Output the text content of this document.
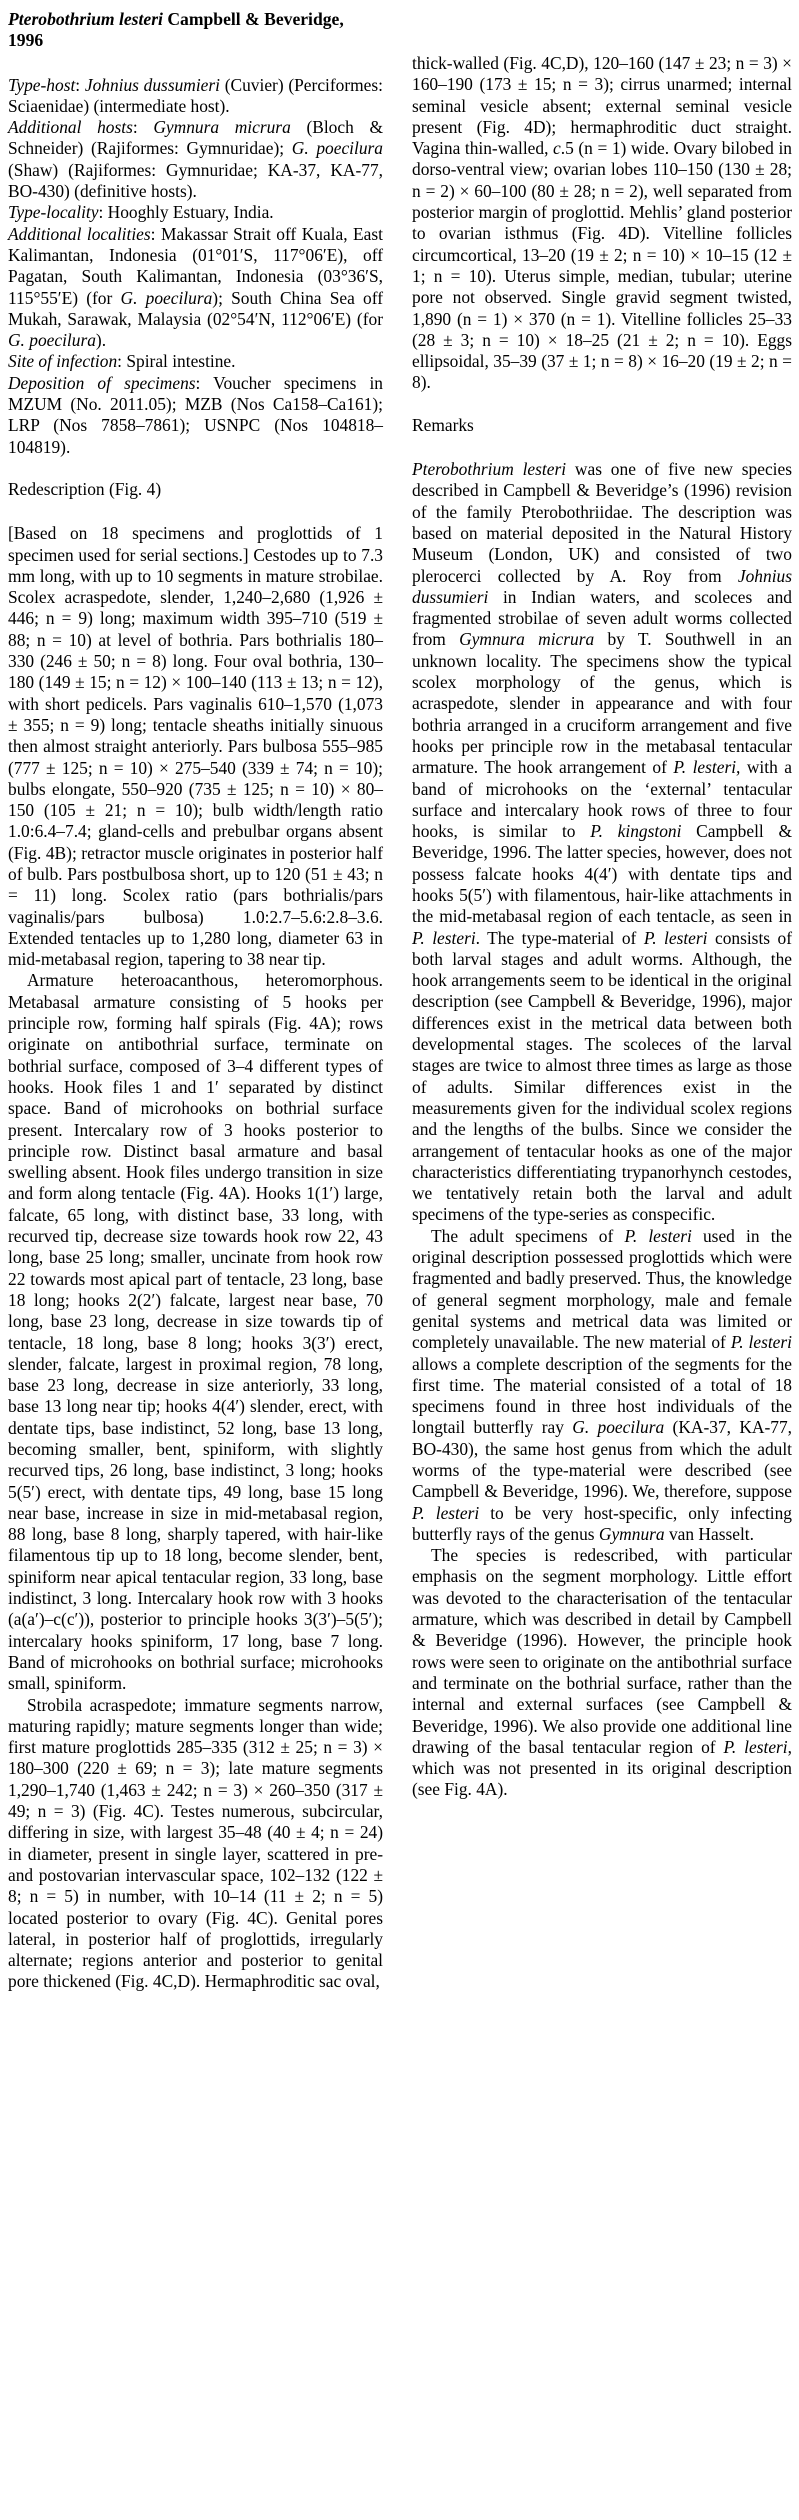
Pterobothrium lesteri Campbell & Beveridge, 1996

Type-host: Johnius dussumieri (Cuvier) (Perciformes: Sciaenidae) (intermediate host).

Additional hosts: Gymnura micrura (Bloch & Schneider) (Rajiformes: Gymnuridae); G. poecilura (Shaw) (Rajiformes: Gymnuridae; KA-37, KA-77, BO-430) (definitive hosts).

Type-locality: Hooghly Estuary, India.

Additional localities: Makassar Strait off Kuala, East Kalimantan, Indonesia (01°01′S, 117°06′E), off Pagatan, South Kalimantan, Indonesia (03°36′S, 115°55′E) (for G. poecilura); South China Sea off Mukah, Sarawak, Malaysia (02°54′N, 112°06′E) (for G. poecilura).

Site of infection: Spiral intestine.

Deposition of specimens: Voucher specimens in MZUM (No. 2011.05); MZB (Nos Ca158–Ca161); LRP (Nos 7858–7861); USNPC (Nos 104818–104819).

Redescription (Fig. 4)

[Based on 18 specimens and proglottids of 1 specimen used for serial sections.] Cestodes up to 7.3 mm long, with up to 10 segments in mature strobilae. Scolex acraspedote, slender, 1,240–2,680 (1,926 ± 446; n = 9) long; maximum width 395–710 (519 ± 88; n = 10) at level of bothria. Pars bothrialis 180–330 (246 ± 50; n = 8) long. Four oval bothria, 130–180 (149 ± 15; n = 12) × 100–140 (113 ± 13; n = 12), with short pedicels. Pars vaginalis 610–1,570 (1,073 ± 355; n = 9) long; tentacle sheaths initially sinuous then almost straight anteriorly. Pars bulbosa 555–985 (777 ± 125; n = 10) × 275–540 (339 ± 74; n = 10); bulbs elongate, 550–920 (735 ± 125; n = 10) × 80–150 (105 ± 21; n = 10); bulb width/length ratio 1.0:6.4–7.4; gland-cells and prebulbar organs absent (Fig. 4B); retractor muscle originates in posterior half of bulb. Pars postbulbosa short, up to 120 (51 ± 43; n = 11) long. Scolex ratio (pars bothrialis/pars vaginalis/pars bulbosa) 1.0:2.7–5.6:2.8–3.6. Extended tentacles up to 1,280 long, diameter 63 in mid-metabasal region, tapering to 38 near tip.

Armature heteroacanthous, heteromorphous. Metabasal armature consisting of 5 hooks per principle row, forming half spirals (Fig. 4A); rows originate on antibothrial surface, terminate on bothrial surface, composed of 3–4 different types of hooks. Hook files 1 and 1′ separated by distinct space. Band of microhooks on bothrial surface present. Intercalary row of 3 hooks posterior to principle row. Distinct basal armature and basal swelling absent. Hook files undergo transition in size and form along tentacle (Fig. 4A). Hooks 1(1′) large, falcate, 65 long, with distinct base, 33 long, with recurved tip, decrease size towards hook row 22, 43 long, base 25 long; smaller, uncinate from hook row 22 towards most apical part of tentacle, 23 long, base 18 long; hooks 2(2′) falcate, largest near base, 70 long, base 23 long, decrease in size towards tip of tentacle, 18 long, base 8 long; hooks 3(3′) erect, slender, falcate, largest in proximal region, 78 long, base 23 long, decrease in size anteriorly, 33 long, base 13 long near tip; hooks 4(4′) slender, erect, with dentate tips, base indistinct, 52 long, base 13 long, becoming smaller, bent, spiniform, with slightly recurved tips, 26 long, base indistinct, 3 long; hooks 5(5′) erect, with dentate tips, 49 long, base 15 long near base, increase in size in mid-metabasal region, 88 long, base 8 long, sharply tapered, with hair-like filamentous tip up to 18 long, become slender, bent, spiniform near apical tentacular region, 33 long, base indistinct, 3 long. Intercalary hook row with 3 hooks (a(a′)–c(c′)), posterior to principle hooks 3(3′)–5(5′); intercalary hooks spiniform, 17 long, base 7 long. Band of microhooks on bothrial surface; microhooks small, spiniform.

Strobila acraspedote; immature segments narrow, maturing rapidly; mature segments longer than wide; first mature proglottids 285–335 (312 ± 25; n = 3) × 180–300 (220 ± 69; n = 3); late mature segments 1,290–1,740 (1,463 ± 242; n = 3) × 260–350 (317 ± 49; n = 3) (Fig. 4C). Testes numerous, subcircular, differing in size, with largest 35–48 (40 ± 4; n = 24) in diameter, present in single layer, scattered in pre- and postovarian intervascular space, 102–132 (122 ± 8; n = 5) in number, with 10–14 (11 ± 2; n = 5) located posterior to ovary (Fig. 4C). Genital pores lateral, in posterior half of proglottids, irregularly alternate; regions anterior and posterior to genital pore thickened (Fig. 4C,D). Hermaphroditic sac oval,

thick-walled (Fig. 4C,D), 120–160 (147 ± 23; n = 3) × 160–190 (173 ± 15; n = 3); cirrus unarmed; internal seminal vesicle absent; external seminal vesicle present (Fig. 4D); hermaphroditic duct straight. Vagina thin-walled, c.5 (n = 1) wide. Ovary bilobed in dorso-ventral view; ovarian lobes 110–150 (130 ± 28; n = 2) × 60–100 (80 ± 28; n = 2), well separated from posterior margin of proglottid. Mehlis’ gland posterior to ovarian isthmus (Fig. 4D). Vitelline follicles circumcortical, 13–20 (19 ± 2; n = 10) × 10–15 (12 ± 1; n = 10). Uterus simple, median, tubular; uterine pore not observed. Single gravid segment twisted, 1,890 (n = 1) × 370 (n = 1). Vitelline follicles 25–33 (28 ± 3; n = 10) × 18–25 (21 ± 2; n = 10). Eggs ellipsoidal, 35–39 (37 ± 1; n = 8) × 16–20 (19 ± 2; n = 8).

Remarks

Pterobothrium lesteri was one of five new species described in Campbell & Beveridge’s (1996) revision of the family Pterobothriidae. The description was based on material deposited in the Natural History Museum (London, UK) and consisted of two plerocerci collected by A. Roy from Johnius dussumieri in Indian waters, and scoleces and fragmented strobilae of seven adult worms collected from Gymnura micrura by T. Southwell in an unknown locality. The specimens show the typical scolex morphology of the genus, which is acraspedote, slender in appearance and with four bothria arranged in a cruciform arrangement and five hooks per principle row in the metabasal tentacular armature. The hook arrangement of P. lesteri, with a band of microhooks on the ‘external’ tentacular surface and intercalary hook rows of three to four hooks, is similar to P. kingstoni Campbell & Beveridge, 1996. The latter species, however, does not possess falcate hooks 4(4′) with dentate tips and hooks 5(5′) with filamentous, hair-like attachments in the mid-metabasal region of each tentacle, as seen in P. lesteri. The type-material of P. lesteri consists of both larval stages and adult worms. Although, the hook arrangements seem to be identical in the original description (see Campbell & Beveridge, 1996), major differences exist in the metrical data between both developmental stages. The scoleces of the larval stages are twice to almost three times as large as those of adults. Similar differences exist in the measurements given for the individual scolex regions and the lengths of the bulbs. Since we consider the arrangement of tentacular hooks as one of the major characteristics differentiating trypanorhynch cestodes, we tentatively retain both the larval and adult specimens of the type-series as conspecific.

The adult specimens of P. lesteri used in the original description possessed proglottids which were fragmented and badly preserved. Thus, the knowledge of general segment morphology, male and female genital systems and metrical data was limited or completely unavailable. The new material of P. lesteri allows a complete description of the segments for the first time. The material consisted of a total of 18 specimens found in three host individuals of the longtail butterfly ray G. poecilura (KA-37, KA-77, BO-430), the same host genus from which the adult worms of the type-material were described (see Campbell & Beveridge, 1996). We, therefore, suppose P. lesteri to be very host-specific, only infecting butterfly rays of the genus Gymnura van Hasselt.

The species is redescribed, with particular emphasis on the segment morphology. Little effort was devoted to the characterisation of the tentacular armature, which was described in detail by Campbell & Beveridge (1996). However, the principle hook rows were seen to originate on the antibothrial surface and terminate on the bothrial surface, rather than the internal and external surfaces (see Campbell & Beveridge, 1996). We also provide one additional line drawing of the basal tentacular region of P. lesteri, which was not presented in its original description (see Fig. 4A).
